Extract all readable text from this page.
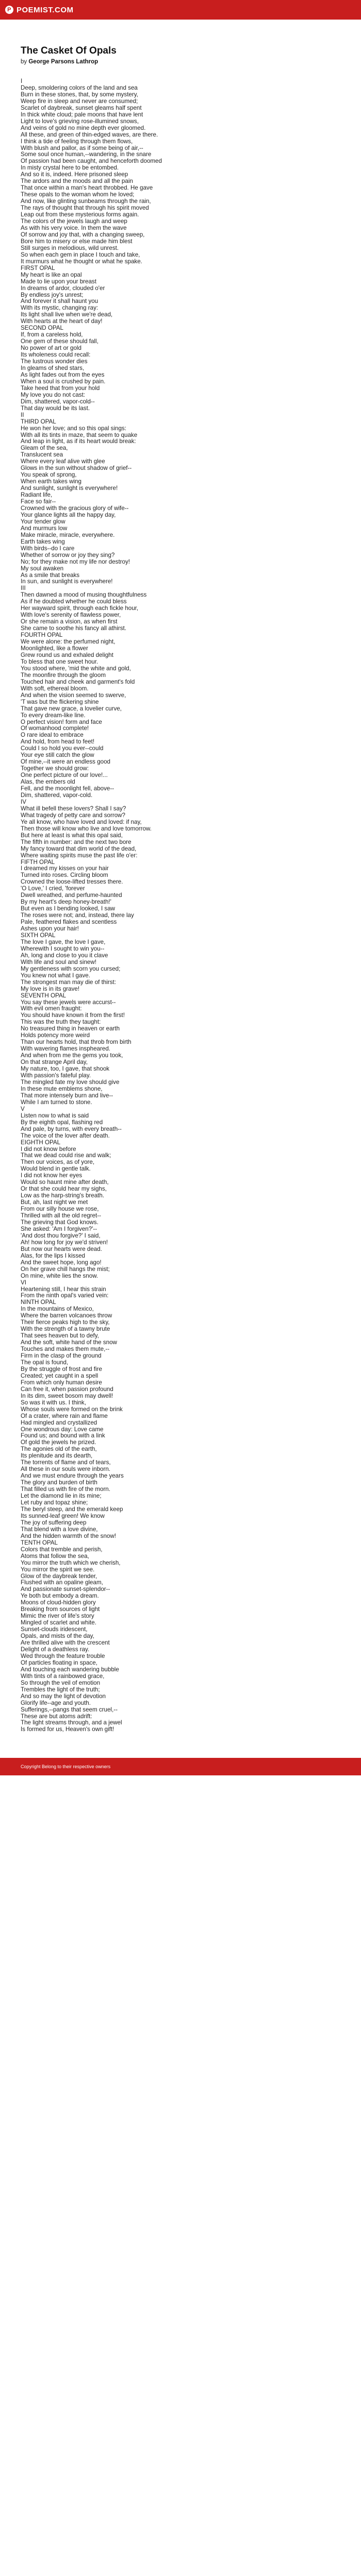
P POEMIST.COM
The Casket Of Opals

by George Parsons Lathrop

I
Deep, smoldering colors of the land and sea
Burn in these stones, that, by some mystery,
Weep fire in sleep and never are consumed;
Scarlet of daybreak, sunset gleams half spent
In thick white cloud; pale moons that have lent
Light to love's grieving rose-illumined snows,
And veins of gold no mine depth ever gloomed.
All these, and green of thin-edged waves, are there.
I think a tide of feeling through them flows,
With blush and pallor, as if some being of air,--
Some soul once human,--wandering, in the snare
Of passion had been caught, and henceforth doomed
In misty crystal here to be entombed.
And so it is, indeed. Here prisoned sleep
The ardors and the moods and all the pain
That once within a man's heart throbbed. He gave
These opals to the woman whom he loved;
And now, like glinting sunbeams through the rain,
The rays of thought that through his spirit moved
Leap out from these mysterious forms again.
The colors of the jewels laugh and weep
As with his very voice. In them the wave
Of sorrow and joy that, with a changing sweep,
Bore him to misery or else made him blest
Still surges in melodious, wild unrest.
So when each gem in place I touch and take,
It murmurs what he thought or what he spake.
FIRST OPAL
My heart is like an opal
Made to lie upon your breast
In dreams of ardor, clouded o'er
By endless joy's unrest;
And forever it shall haunt you
With its mystic, changing ray:
Its light shall live when we're dead,
With hearts at the heart of day!
SECOND OPAL
If, from a careless hold,
One gem of these should fall,
No power of art or gold
Its wholeness could recall:
The lustrous wonder dies
In gleams of shed stars,
As light fades out from the eyes
When a soul is crushed by pain.
Take heed that from your hold
My love you do not cast:
Dim, shattered, vapor-cold--
That day would be its last.
II
THIRD OPAL
He won her love; and so this opal sings:
With all its tints in maze, that seem to quake
And leap in light, as if its heart would break:
Gleam of the sea,
Translucent sea
Where every leaf alive with glee
Glows in the sun without shadow of grief--
You speak of sprong,
When earth takes wing
And sunlight, sunlight is everywhere!
Radiant life,
Face so fair--
Crowned with the gracious glory of wife--
Your glance lights all the happy day,
Your tender glow
And murmurs low
Make miracle, miracle, everywhere.
Earth takes wing
With birds--do I care
Whether of sorrow or joy they sing?
No; for they make not my life nor destroy!
My soul awaken
As a smile that breaks
In sun, and sunlight is everywhere!
III
Then dawned a mood of musing thoughtfulness
As if he doubted whether he could bless
Her wayward spirit, through each fickle hour,
With love's serenity of flawless power,
Or she remain a vision, as when first
She came to soothe his fancy all athirst.
FOURTH OPAL
We were alone: the perfumed night,
Moonlighted, like a flower
Grew round us and exhaled delight
To bless that one sweet hour.
You stood where, 'mid the white and gold,
The moonfire through the gloom
Touched hair and cheek and garment's fold
With soft, ethereal bloom.
And when the vision seemed to swerve,
'T was but the flickering shine
That gave new grace, a lovelier curve,
To every dream-like line.
O perfect vision! form and face
Of womanhood complete!
O rare ideal to embrace
And hold, from head to feet!
Could I so hold you ever--could
Your eye still catch the glow
Of mine,--it were an endless good
Together we should grow:
One perfect picture of our love!...
Alas, the embers old
Fell, and the moonlight fell, above--
Dim, shattered, vapor-cold.
IV
What ill befell these lovers? Shall I say?
What tragedy of petty care and sorrow?
Ye all know, who have loved and loved: if nay,
Then those will know who live and love tomorrow.
But here at least is what this opal said,
The fifth in number: and the next two bore
My fancy toward that dim world of the dead,
Where waiting spirits muse the past life o'er:
FIFTH OPAL
I dreamed my kisses on your hair
Turned into roses. Circling bloom
Crowned the loose-lifted tresses there.
'O Love,' I cried, 'forever
Dwell wreathed, and perfume-haunted
By my heart's deep honey-breath!'
But even as I bending looked, I saw
The roses were not; and, instead, there lay
Pale, feathered flakes and scentless
Ashes upon your hair!
SIXTH OPAL
The love I gave, the love I gave,
Wherewith I sought to win you--
Ah, long and close to you it clave
With life and soul and sinew!
My gentleness with scorn you cursed;
You knew not what I gave.
The strongest man may die of thirst:
My love is in its grave!
SEVENTH OPAL
You say these jewels were accurst--
With evil omen fraught:
You should have known it from the first!
This was the truth they taught:
No treasured thing in heaven or earth
Holds potency more weird
Than our hearts hold, that throb from birth
With wavering flames inspheared.
And when from me the gems you took,
On that strange April day,
My nature, too, I gave, that shook
With passion's fateful play.
The mingled fate my love should give
In these mute emblems shone,
That more intensely burn and live--
While I am turned to stone.
V
Listen now to what is said
By the eighth opal, flashing red
And pale, by turns, with every breath--
The voice of the lover after death.
EIGHTH OPAL
I did not know before
That we dead could rise and walk;
Then our voices, as of yore,
Would blend in gentle talk.
I did not know her eyes
Would so haunt mine after death,
Or that she could hear my sighs,
Low as the harp-string's breath.
But, ah, last night we met
From our silly house we rose,
Thrilled with all the old regret--
The grieving that God knows.
She asked: 'Am I forgiven?'--
'And dost thou forgive?' I said,
Ah! how long for joy we'd striven!
But now our hearts were dead.
Alas, for the lips I kissed
And the sweet hope, long ago!
On her grave chill hangs the mist;
On mine, white lies the snow.
VI
Heartening still, I hear this strain
From the ninth opal's varied vein:
NINTH OPAL
In the mountains of Mexico,
Where the barren volcanoes throw
Their fierce peaks high to the sky,
With the strength of a tawny brute
That sees heaven but to defy,
And the soft, white hand of the snow
Touches and makes them mute,--
Firm in the clasp of the ground
The opal is found,
By the struggle of frost and fire
Created; yet caught in a spell
From which only human desire
Can free it, when passion profound
In its dim, sweet bosom may dwell!
So was it with us. I think,
Whose souls were formed on the brink
Of a crater, where rain and flame
Had mingled and crystallized
One wondrous day: Love came
Found us; and bound with a link
Of gold the jewels he prized.
The agonies old of the earth,
Its plenitude and its dearth,
The torrents of flame and of tears,
All these in our souls were inborn.
And we must endure through the years
The glory and burden of birth
That filled us with fire of the morn.
Let the diamond lie in its mine;
Let ruby and topaz shine;
The beryl steep, and the emerald keep
Its sunned-leaf green! We know
The joy of suffering deep
That blend with a love divine,
And the hidden warmth of the snow!
TENTH OPAL
Colors that tremble and perish,
Atoms that follow the sea,
You mirror the truth which we cherish,
You mirror the spirit we see.
Glow of the daybreak tender,
Flushed with an opaline gleam,
And passionate sunset-splendor--
Ye both but embody a dream.
Moons of cloud-hidden glory
Breaking from sources of light
Mimic the river of life's story
Mingled of scarlet and white.
Sunset-clouds iridescent,
Opals, and mists of the day,
Are thrilled alive with the crescent
Delight of a deathless ray.
Wed through the feature trouble
Of particles floating in space,
And touching each wandering bubble
With tints of a rainbowed grace,
So through the veil of emotion
Trembles the light of the truth;
And so may the light of devotion
Glorify life--age and youth.
Sufferings,--pangs that seem cruel,--
These are but atoms adrift:
The light streams through, and a jewel
Is formed for us, Heaven's own gift!
Copyright Belong to their respective owners
